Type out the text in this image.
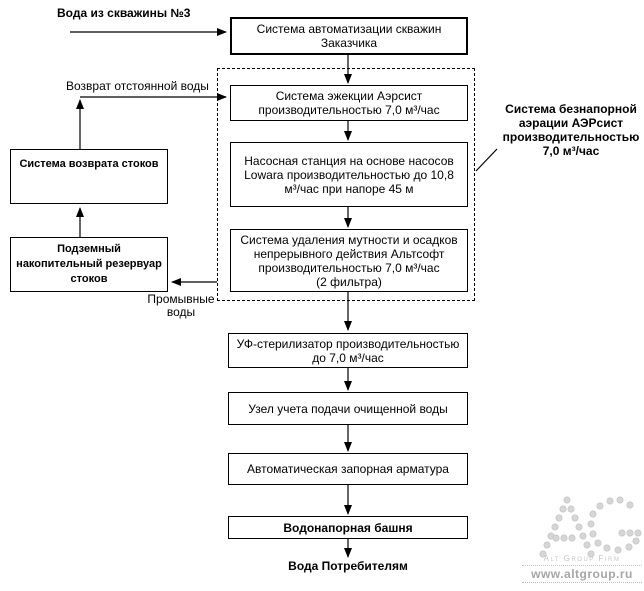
Система автоматизации скважин
Заказчика
Система эжекции Аэрсист
производительностью 7,0 м³/час
Насосная станция на основе насосов
Lowara производительностью до 10,8
м³/час при напоре 45 м
Система удаления мутности и осадков
непрерывного действия Альтсофт
производительностью 7,0 м³/час
(2 фильтра)
УФ-стерилизатор производительностью
до 7,0 м³/час
Узел учета подачи очищенной воды
Автоматическая запорная арматура
Водонапорная башня
Система возврата стоков
Подземный
накопительный резервуар
стоков
Вода из скважины №3
Возврат отстоянной воды
Промывные
воды
Вода Потребителям
Система безнапорной
аэрации АЭРсист
производительностью
7,0 м³/час
Alt Group Firm
www.altgroup.ru
